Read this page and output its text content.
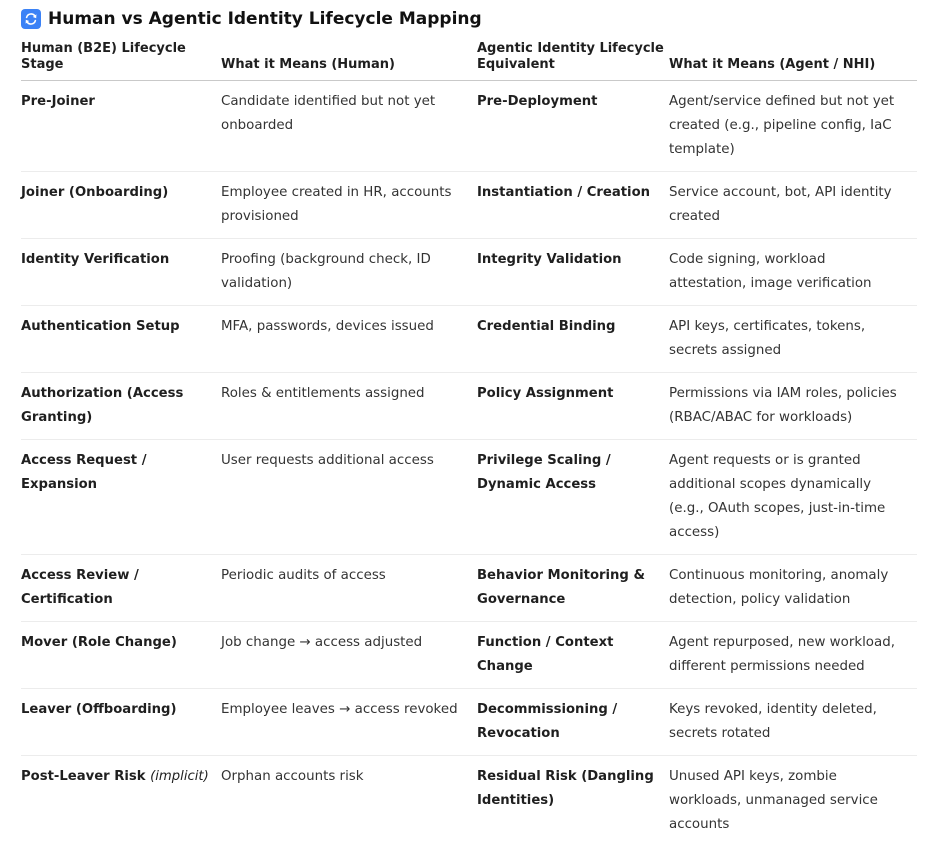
Human vs Agentic Identity Lifecycle Mapping
Human (B2E) Lifecycle Stage	What it Means (Human)	Agentic Identity Lifecycle Equivalent	What it Means (Agent / NHI)
Pre-Joiner	Candidate identified but not yet onboarded	Pre-Deployment	Agent/service defined but not yet created (e.g., pipeline config, IaC template)
Joiner (Onboarding)	Employee created in HR, accounts provisioned	Instantiation / Creation	Service account, bot, API identity created
Identity Verification	Proofing (background check, ID validation)	Integrity Validation	Code signing, workload attestation, image verification
Authentication Setup	MFA, passwords, devices issued	Credential Binding	API keys, certificates, tokens, secrets assigned
Authorization (Access Granting)	Roles & entitlements assigned	Policy Assignment	Permissions via IAM roles, policies (RBAC/ABAC for workloads)
Access Request / Expansion	User requests additional access	Privilege Scaling / Dynamic Access	Agent requests or is granted additional scopes dynamically (e.g., OAuth scopes, just-in-time access)
Access Review / Certification	Periodic audits of access	Behavior Monitoring & Governance	Continuous monitoring, anomaly detection, policy validation
Mover (Role Change)	Job change → access adjusted	Function / Context Change	Agent repurposed, new workload, different permissions needed
Leaver (Offboarding)	Employee leaves → access revoked	Decommissioning / Revocation	Keys revoked, identity deleted, secrets rotated
Post-Leaver Risk (implicit)	Orphan accounts risk	Residual Risk (Dangling Identities)	Unused API keys, zombie workloads, unmanaged service accounts
